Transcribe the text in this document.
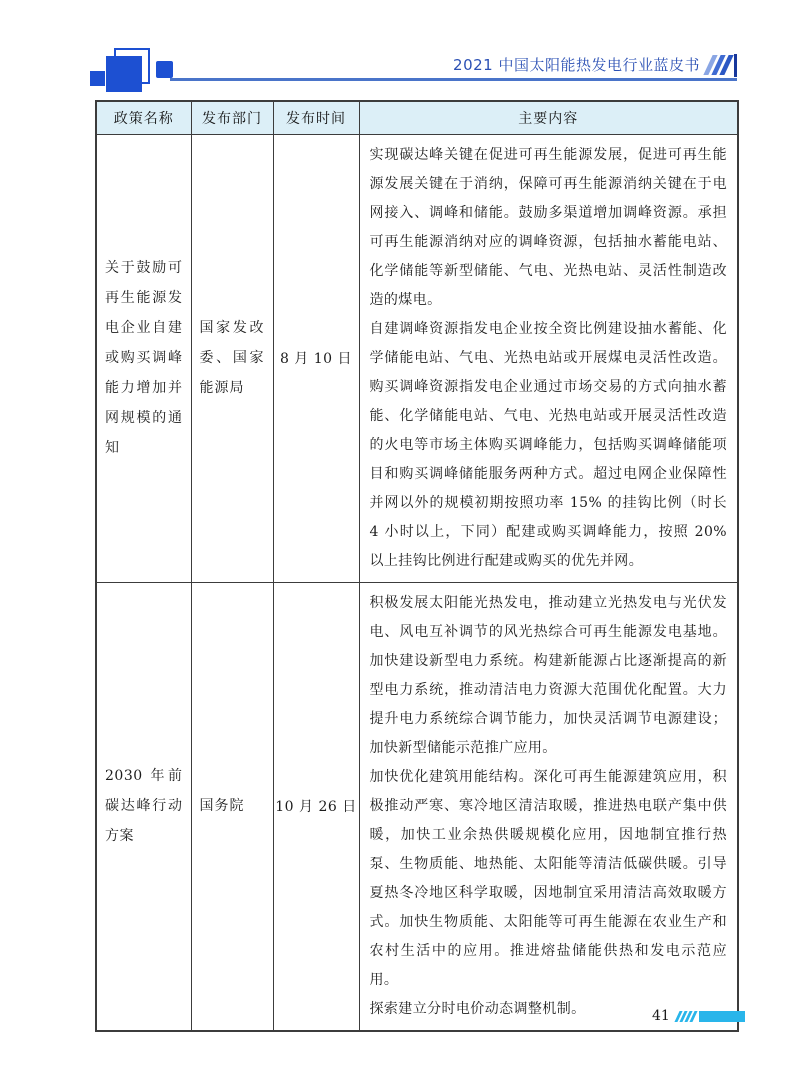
2021 中国太阳能热发电行业蓝皮书
政策名称	发布部门	发布时间	主要内容
关于鼓励可再生能源发电企业自建或购买调峰能力增加并网规模的通知	国家发改委、国家能源局	8 月 10 日	实现碳达峰关键在促进可再生能源发展，促进可再生能源发展关键在于消纳，保障可再生能源消纳关键在于电网接入、调峰和储能。鼓励多渠道增加调峰资源。承担可再生能源消纳对应的调峰资源，包括抽水蓄能电站、化学储能等新型储能、气电、光热电站、灵活性制造改造的煤电。

自建调峰资源指发电企业按全资比例建设抽水蓄能、化学储能电站、气电、光热电站或开展煤电灵活性改造。购买调峰资源指发电企业通过市场交易的方式向抽水蓄能、化学储能电站、气电、光热电站或开展灵活性改造的火电等市场主体购买调峰能力，包括购买调峰储能项目和购买调峰储能服务两种方式。超过电网企业保障性并网以外的规模初期按照功率 15% 的挂钩比例（时长 4 小时以上，下同）配建或购买调峰能力，按照 20% 以上挂钩比例进行配建或购买的优先并网。

2030 年前碳达峰行动方案	国务院	10 月 26 日	积极发展太阳能光热发电，推动建立光热发电与光伏发电、风电互补调节的风光热综合可再生能源发电基地。加快建设新型电力系统。构建新能源占比逐渐提高的新型电力系统，推动清洁电力资源大范围优化配置。大力提升电力系统综合调节能力，加快灵活调节电源建设；加快新型储能示范推广应用。

加快优化建筑用能结构。深化可再生能源建筑应用，积极推动严寒、寒冷地区清洁取暖，推进热电联产集中供暖，加快工业余热供暖规模化应用，因地制宜推行热泵、生物质能、地热能、太阳能等清洁低碳供暖。引导夏热冬冷地区科学取暖，因地制宜采用清洁高效取暖方式。加快生物质能、太阳能等可再生能源在农业生产和农村生活中的应用。推进熔盐储能供热和发电示范应用。

探索建立分时电价动态调整机制。	41
